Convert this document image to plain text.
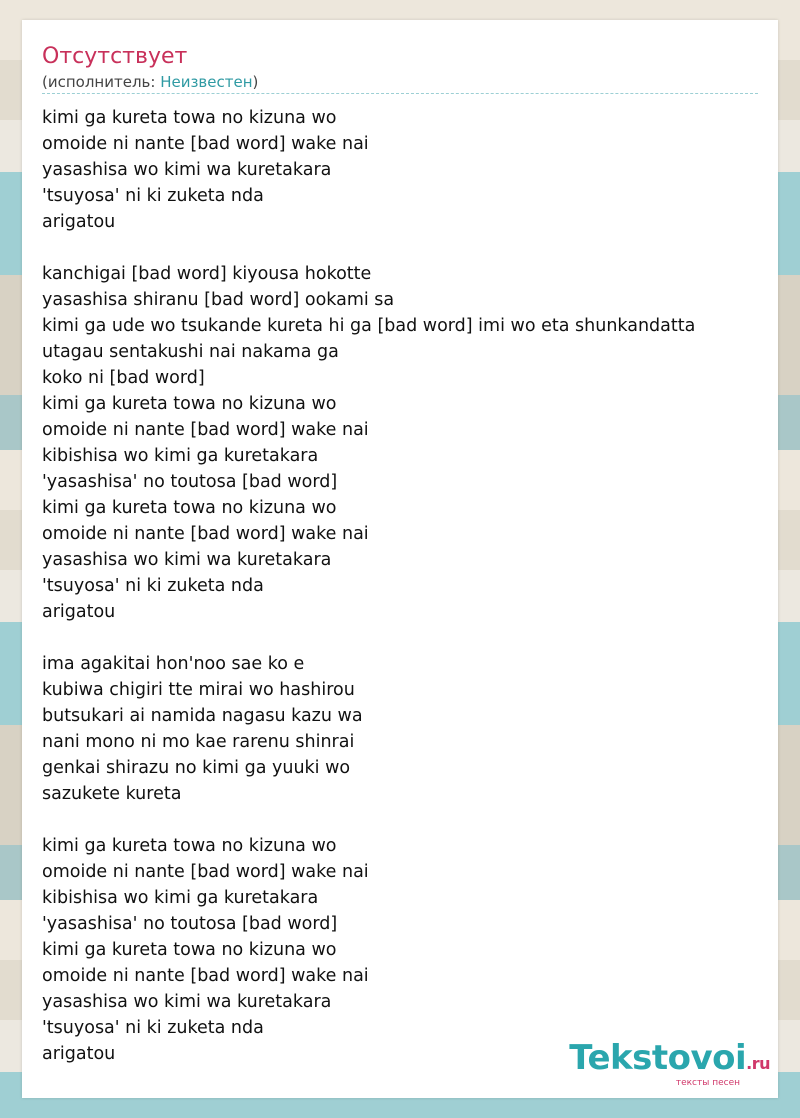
Отсутствует
(исполнитель: Неизвестен)
kimi ga kureta towa no kizuna wo
omoide ni nante [bad word] wake nai
yasashisa wo kimi wa kuretakara
'tsuyosa' ni ki zuketa nda
arigatou
kanchigai [bad word] kiyousa hokotte
yasashisa shiranu [bad word] ookami sa
kimi ga ude wo tsukande kureta hi ga [bad word] imi wo eta shunkandatta
utagau sentakushi nai nakama ga
koko ni [bad word]
kimi ga kureta towa no kizuna wo
omoide ni nante [bad word] wake nai
kibishisa wo kimi ga kuretakara
'yasashisa' no toutosa [bad word]
kimi ga kureta towa no kizuna wo
omoide ni nante [bad word] wake nai
yasashisa wo kimi wa kuretakara
'tsuyosa' ni ki zuketa nda
arigatou
ima agakitai hon'noo sae ko e
kubiwa chigiri tte mirai wo hashirou
butsukari ai namida nagasu kazu wa
nani mono ni mo kae rarenu shinrai
genkai shirazu no kimi ga yuuki wo
sazukete kureta
kimi ga kureta towa no kizuna wo
omoide ni nante [bad word] wake nai
kibishisa wo kimi ga kuretakara
'yasashisa' no toutosa [bad word]
kimi ga kureta towa no kizuna wo
omoide ni nante [bad word] wake nai
yasashisa wo kimi wa kuretakara
'tsuyosa' ni ki zuketa nda
arigatou	Tekstovoi.ru
тексты песен
